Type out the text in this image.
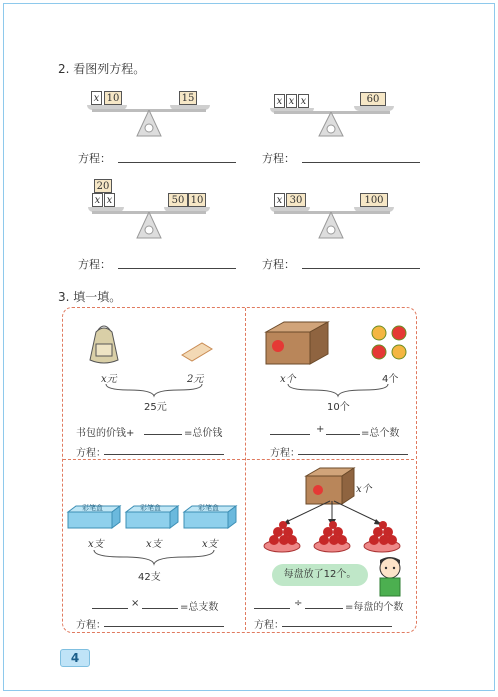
2. 看图列方程。
x 10	15
方程：
x x x	60
方程：
20
x x	50 10
方程：
x 30	100
方程：
3. 填一填。
x元	2元
25元
书包的价钱+	=总价钱
方程：
x个	4个
10个
+	=总个数
方程：
彩笔盒	彩笔盒	彩笔盒
x支	x支	x支
42支
×	=总支数
方程：
x个
每盘放了12个。
÷	=每盘的个数
方程：
4
